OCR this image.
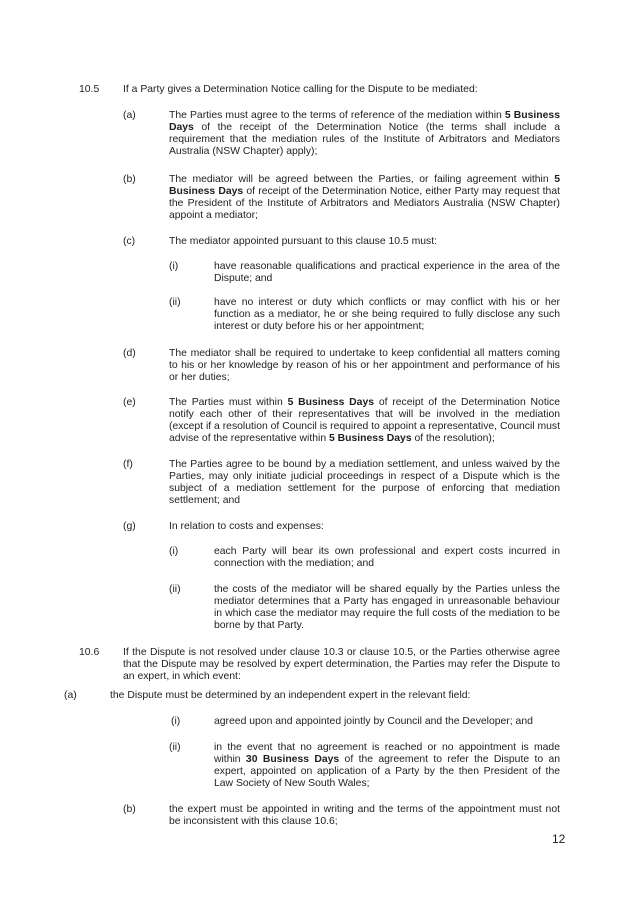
10.5 If a Party gives a Determination Notice calling for the Dispute to be mediated:
(a)	The Parties must agree to the terms of reference of the mediation within 5 Business Days of the receipt of the Determination Notice (the terms shall include a requirement that the mediation rules of the Institute of Arbitrators and Mediators Australia (NSW Chapter) apply);
(b)	The mediator will be agreed between the Parties, or failing agreement within 5 Business Days of receipt of the Determination Notice, either Party may request that the President of the Institute of Arbitrators and Mediators Australia (NSW Chapter) appoint a mediator;
(c)	The mediator appointed pursuant to this clause 10.5 must:
(i)	have reasonable qualifications and practical experience in the area of the Dispute; and
(ii)	have no interest or duty which conflicts or may conflict with his or her function as a mediator, he or she being required to fully disclose any such interest or duty before his or her appointment;
(d)	The mediator shall be required to undertake to keep confidential all matters coming to his or her knowledge by reason of his or her appointment and performance of his or her duties;
(e)	The Parties must within 5 Business Days of receipt of the Determination Notice notify each other of their representatives that will be involved in the mediation (except if a resolution of Council is required to appoint a representative, Council must advise of the representative within 5 Business Days of the resolution);
(f)	The Parties agree to be bound by a mediation settlement, and unless waived by the Parties, may only initiate judicial proceedings in respect of a Dispute which is the subject of a mediation settlement for the purpose of enforcing that mediation settlement; and
(g)	In relation to costs and expenses:
(i)	each Party will bear its own professional and expert costs incurred in connection with the mediation; and
(ii)	the costs of the mediator will be shared equally by the Parties unless the mediator determines that a Party has engaged in unreasonable behaviour in which case the mediator may require the full costs of the mediation to be borne by that Party.
10.6 If the Dispute is not resolved under clause 10.3 or clause 10.5, or the Parties otherwise agree that the Dispute may be resolved by expert determination, the Parties may refer the Dispute to an expert, in which event:
(a)	the Dispute must be determined by an independent expert in the relevant field:
(i)	agreed upon and appointed jointly by Council and the Developer; and
(ii)	in the event that no agreement is reached or no appointment is made within 30 Business Days of the agreement to refer the Dispute to an expert, appointed on application of a Party by the then President of the Law Society of New South Wales;
(b)	the expert must be appointed in writing and the terms of the appointment must not be inconsistent with this clause 10.6;
12
